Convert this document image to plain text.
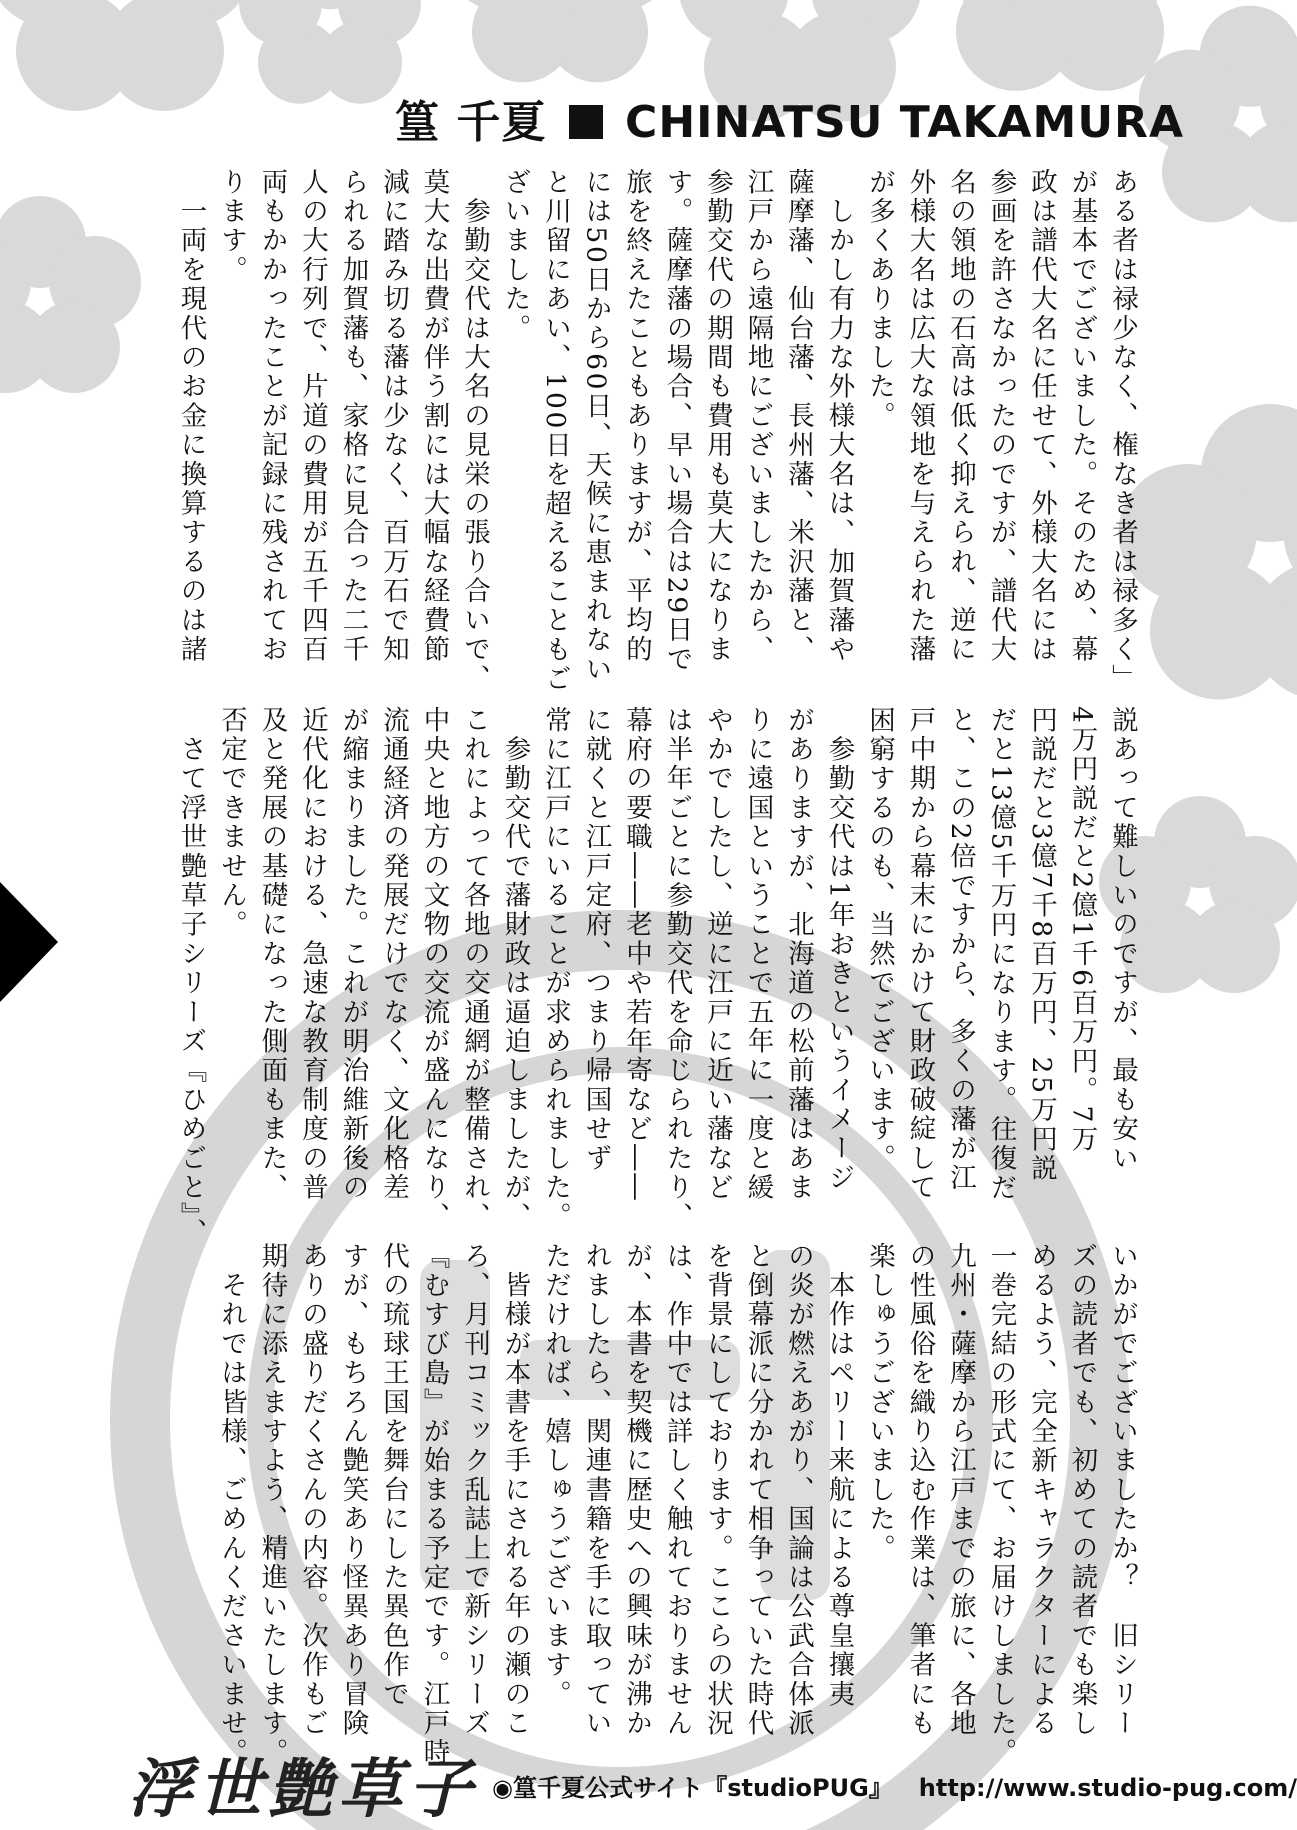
篁 千夏 CHINATSU TAKAMURA
ある者は禄少なく、権なき者は禄多く」
が基本でございました。そのため、幕
政は譜代大名に任せて、外様大名には
参画を許さなかったのですが、譜代大
名の領地の石高は低く抑えられ、逆に
外様大名は広大な領地を与えられた藩
が多くありました。
　しかし有力な外様大名は、加賀藩や
薩摩藩、仙台藩、長州藩、米沢藩と、
江戸から遠隔地にございましたから、
参勤交代の期間も費用も莫大になりま
す。薩摩藩の場合、早い場合は29日で
旅を終えたこともありますが、平均的
には50日から60日、天候に恵まれない
と川留にあい、100日を超えることもご
ざいました。
　参勤交代は大名の見栄の張り合いで、
莫大な出費が伴う割には大幅な経費節
減に踏み切る藩は少なく、百万石で知
られる加賀藩も、家格に見合った二千
人の大行列で、片道の費用が五千四百
両もかかったことが記録に残されてお
ります。
　一両を現代のお金に換算するのは諸
説あって難しいのですが、最も安い
4万円説だと2億1千6百万円。7万
円説だと3億7千8百万円、25万円説
だと13億5千万円になります。往復だ
と、この2倍ですから、多くの藩が江
戸中期から幕末にかけて財政破綻して
困窮するのも、当然でございます。
　参勤交代は1年おきというイメージ
がありますが、北海道の松前藩はあま
りに遠国ということで五年に一度と緩
やかでしたし、逆に江戸に近い藩など
は半年ごとに参勤交代を命じられたり、
幕府の要職――老中や若年寄など――
に就くと江戸定府、つまり帰国せず
常に江戸にいることが求められました。
　参勤交代で藩財政は逼迫しましたが、
これによって各地の交通網が整備され、
中央と地方の文物の交流が盛んになり、
流通経済の発展だけでなく、文化格差
が縮まりました。これが明治維新後の
近代化における、急速な教育制度の普
及と発展の基礎になった側面もまた、
否定できません。
　さて浮世艶草子シリーズ『ひめごと』、
いかがでございましたか？　旧シリー
ズの読者でも、初めての読者でも楽し
めるよう、完全新キャラクターによる
一巻完結の形式にて、お届けしました。
九州・薩摩から江戸までの旅に、各地
の性風俗を織り込む作業は、筆者にも
楽しゅうございました。
　本作はペリー来航による尊皇攘夷
の炎が燃えあがり、国論は公武合体派
と倒幕派に分かれて相争っていた時代
を背景にしております。ここらの状況
は、作中では詳しく触れておりません
が、本書を契機に歴史への興味が沸か
れましたら、関連書籍を手に取ってい
ただければ、嬉しゅうございます。
　皆様が本書を手にされる年の瀬のこ
ろ、月刊コミック乱誌上で新シリーズ
『むすび島』が始まる予定です。江戸時
代の琉球王国を舞台にした異色作で
すが、もちろん艶笑あり怪異あり冒険
ありの盛りだくさんの内容。次作もご
期待に添えますよう、精進いたします。
　それでは皆様、ごめんくださいませ。
浮世艶草子 ◉篁千夏公式サイト『studioPUG』 http://www.studio-pug.com/
